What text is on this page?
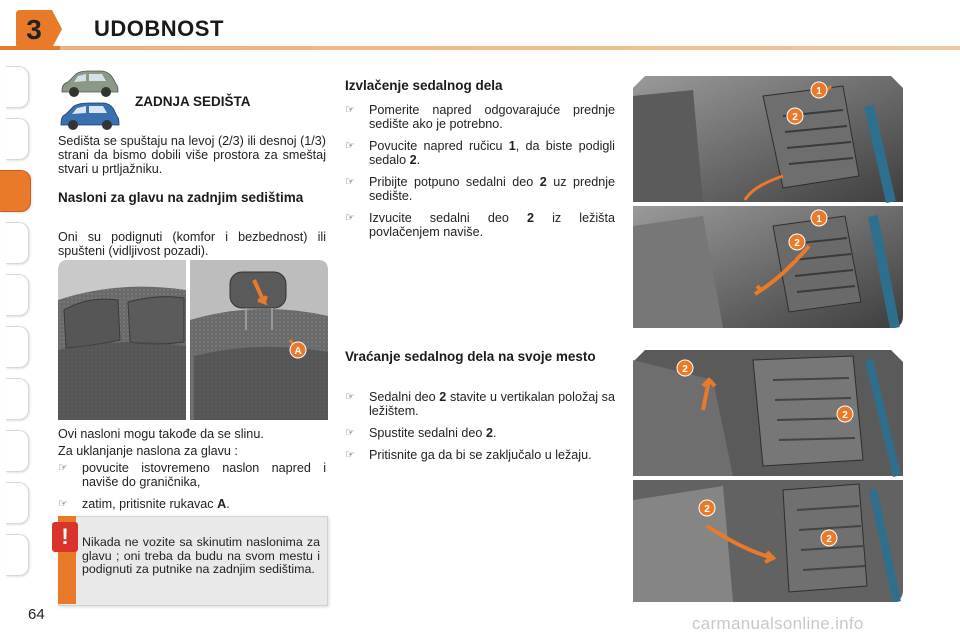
3 UDOBNOST
ZADNJA SEDIŠTA
Sedišta se spuštaju na levoj (2/3) ili desnoj (1/3) strani da bismo dobili više prostora za smeštaj stvari u prtljažniku.
Nasloni za glavu na zadnjim sedištima
Oni su podignuti (komfor i bezbednost) ili spušteni (vidljivost pozadi).
A
Ovi nasloni mogu takođe da se slinu.
Za uklanjanje naslona za glavu :
☞ povucite istovremeno naslon napred i naviše do graničnika,
☞ zatim, pritisnite rukavac A.
!	Nikada ne vozite sa skinutim naslonima za glavu ; oni treba da budu na svom mestu i podignuti za putnike na zadnjim sedištima.
Izvlačenje sedalnog dela
☞ Pomerite napred odgovarajuće prednje sedište ako je potrebno.
☞ Povucite napred ručicu 1, da biste podigli sedalo 2.
☞ Pribijte potpuno sedalni deo 2 uz prednje sedište.
☞ Izvucite sedalni deo 2 iz ležišta povlačenjem naviše.
Vraćanje sedalnog dela na svoje mesto
☞ Sedalni deo 2 stavite u vertikalan položaj sa ležištem.
☞ Spustite sedalni deo 2.
☞ Pritisnite ga da bi se zaključalo u ležaju.
1
2
1
2
2
2
2
2
64	carmanualsonline.info
